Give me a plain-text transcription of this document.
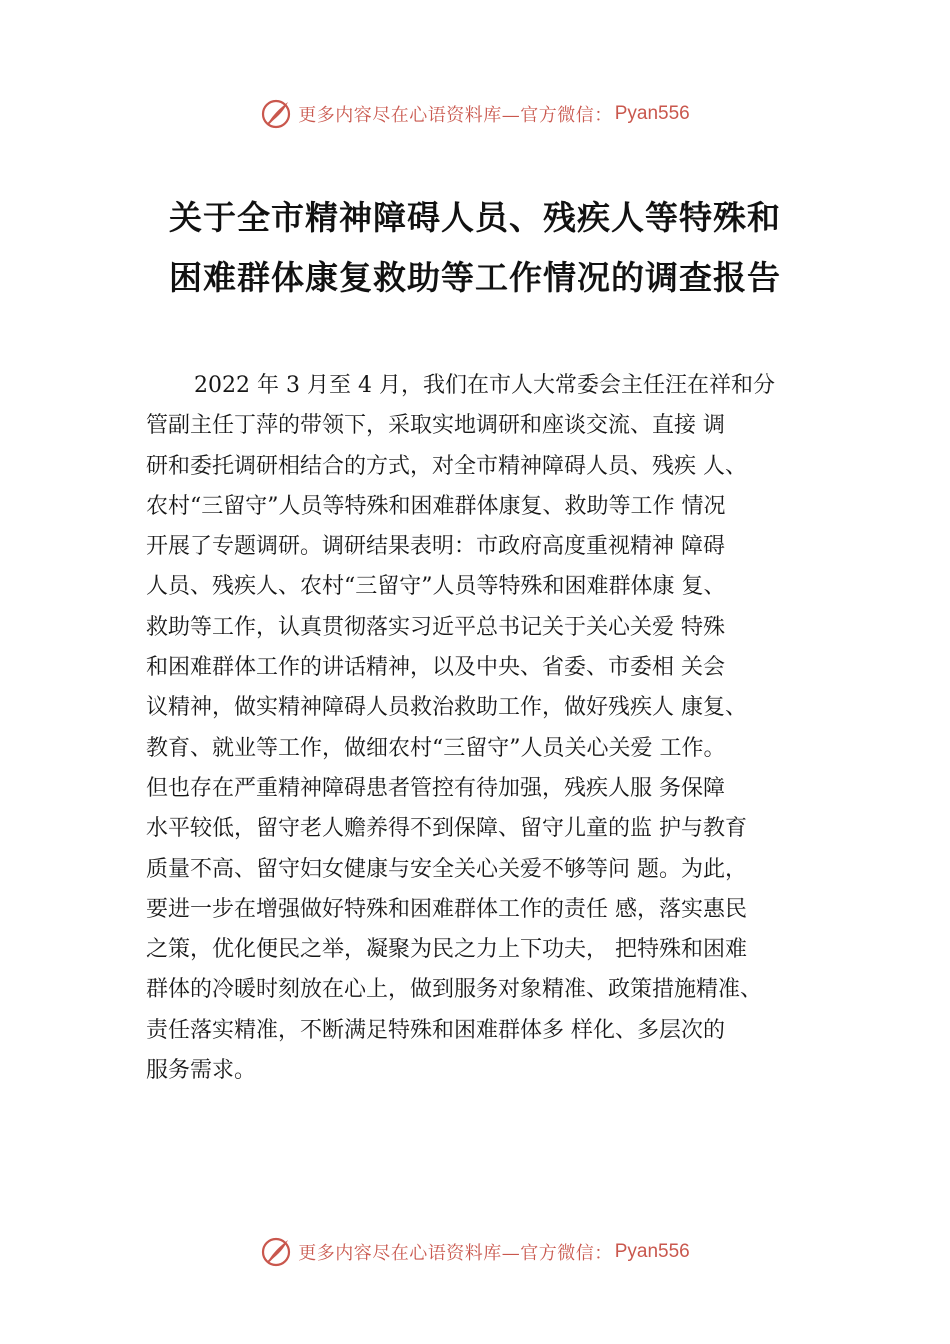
更多内容尽在心语资料库—官方微信： Pyan556
关于全市精神障碍人员、残疾人等特殊和
困难群体康复救助等工作情况的调查报告
2022 年 3 月至 4 月，我们在市人大常委会主任汪在祥和分
管副主任丁萍的带领下，采取实地调研和座谈交流、直接 调
研和委托调研相结合的方式，对全市精神障碍人员、残疾 人、
农村“三留守”人员等特殊和困难群体康复、救助等工作 情况
开展了专题调研。调研结果表明：市政府高度重视精神 障碍
人员、残疾人、农村“三留守”人员等特殊和困难群体康 复、
救助等工作，认真贯彻落实习近平总书记关于关心关爱 特殊
和困难群体工作的讲话精神，以及中央、省委、市委相 关会
议精神，做实精神障碍人员救治救助工作，做好残疾人 康复、
教育、就业等工作，做细农村“三留守”人员关心关爱 工作。
但也存在严重精神障碍患者管控有待加强，残疾人服 务保障
水平较低，留守老人赡养得不到保障、留守儿童的监 护与教育
质量不高、留守妇女健康与安全关心关爱不够等问 题。为此，
要进一步在增强做好特殊和困难群体工作的责任 感，落实惠民
之策，优化便民之举，凝聚为民之力上下功夫， 把特殊和困难
群体的冷暖时刻放在心上，做到服务对象精准、政策措施精准、
责任落实精准，不断满足特殊和困难群体多 样化、多层次的
服务需求。
更多内容尽在心语资料库—官方微信： Pyan556
